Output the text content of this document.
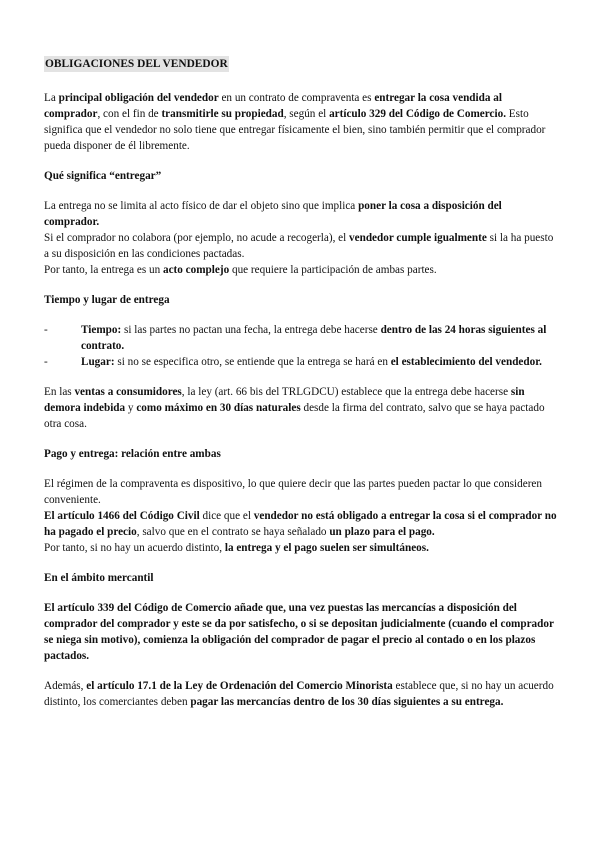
OBLIGACIONES DEL VENDEDOR

La principal obligación del vendedor en un contrato de compraventa es entregar la cosa vendida al comprador, con el fin de transmitirle su propiedad, según el artículo 329 del Código de Comercio. Esto significa que el vendedor no solo tiene que entregar físicamente el bien, sino también permitir que el comprador pueda disponer de él libremente.

Qué significa “entregar”

La entrega no se limita al acto físico de dar el objeto sino que implica poner la cosa a disposición del comprador.

Si el comprador no colabora (por ejemplo, no acude a recogerla), el vendedor cumple igualmente si la ha puesto a su disposición en las condiciones pactadas.

Por tanto, la entrega es un acto complejo que requiere la participación de ambas partes.

Tiempo y lugar de entrega
-	Tiempo: si las partes no pactan una fecha, la entrega debe hacerse dentro de las 24 horas siguientes al contrato.
-	Lugar: si no se especifica otro, se entiende que la entrega se hará en el establecimiento del vendedor.

En las ventas a consumidores, la ley (art. 66 bis del TRLGDCU) establece que la entrega debe hacerse sin demora indebida y como máximo en 30 días naturales desde la firma del contrato, salvo que se haya pactado otra cosa.

Pago y entrega: relación entre ambas

El régimen de la compraventa es dispositivo, lo que quiere decir que las partes pueden pactar lo que consideren conveniente.

El artículo 1466 del Código Civil dice que el vendedor no está obligado a entregar la cosa si el comprador no ha pagado el precio, salvo que en el contrato se haya señalado un plazo para el pago.

Por tanto, si no hay un acuerdo distinto, la entrega y el pago suelen ser simultáneos.

En el ámbito mercantil

El artículo 339 del Código de Comercio añade que, una vez puestas las mercancías a disposición del comprador del comprador y este se da por satisfecho, o si se depositan judicialmente (cuando el comprador se niega sin motivo), comienza la obligación del comprador de pagar el precio al contado o en los plazos pactados.

Además, el artículo 17.1 de la Ley de Ordenación del Comercio Minorista establece que, si no hay un acuerdo distinto, los comerciantes deben pagar las mercancías dentro de los 30 días siguientes a su entrega.
